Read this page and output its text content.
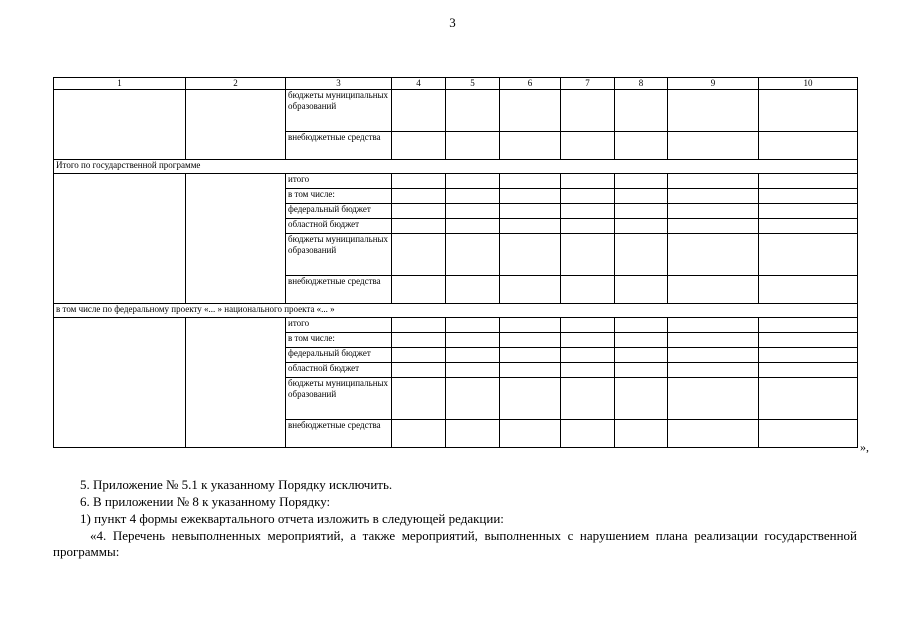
3
1	2	3	4	5	6	7	8	9	10
		бюджеты муниципальных образований							
		внебюджетные средства							
Итого по государственной программе									
		итого							
		в том числе:							
		федеральный бюджет							
		областной бюджет							
		бюджеты муниципальных образований							
		внебюджетные средства							
в том числе по федеральному проекту «... » национального проекта «... »									
		итого							
		в том числе:							
		федеральный бюджет							
		областной бюджет							
		бюджеты муниципальных образований							
		внебюджетные средства							
»,
5. Приложение № 5.1 к указанному Порядку исключить.
6. В приложении № 8 к указанному Порядку:
1) пункт 4 формы ежеквартального отчета изложить в следующей редакции:
«4. Перечень невыполненных мероприятий, а также мероприятий, выполненных с нарушением плана реализации государственной программы:
